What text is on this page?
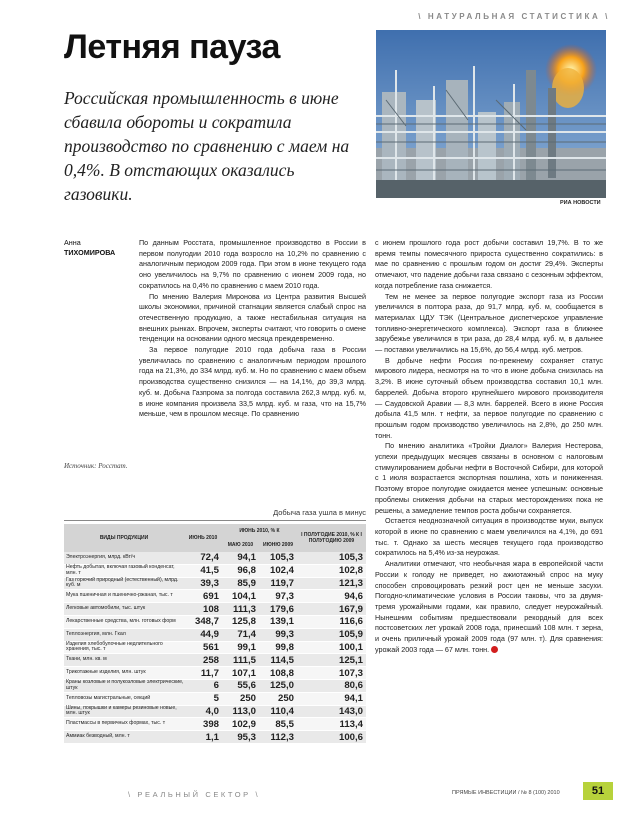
\ НАТУРАЛЬНАЯ СТАТИСТИКА \
Летняя пауза
Российская промышленность в июне сбавила обороты и сократила производство по сравнению с маем на 0,4%. В отстающих оказались газовики.	РИА НОВОСТИ
Анна
ТИХОМИРОВА
Источник: Росстат.

По данным Росстата, промышленное производство в России в первом полугодии 2010 года возросло на 10,2% по сравнению с аналогичным периодом 2009 года. При этом в июне текущего года оно увеличилось на 9,7% по сравнению с июнем 2009 года, но сократилось на 0,4% по сравнению с маем 2010 года.

По мнению Валерия Миронова из Центра развития Высшей школы экономики, причиной стагнации является слабый спрос на отечественную продукцию, а также нестабильная ситуация на внешних рынках. Впрочем, эксперты считают, что говорить о смене тенденции на основании одного месяца преждевременно.

За первое полугодие 2010 года добыча газа в России увеличилась по сравнению с аналогичным периодом прошлого года на 21,3%, до 334 млрд. куб. м. Но по сравнению с маем объем производства существенно снизился — на 14,1%, до 39,3 млрд. куб. м. Добыча Газпрома за полгода составила 262,3 млрд. куб. м, в июне компания произвела 33,5 млрд. куб. м газа, что на 15,7% меньше, чем в прошлом месяце. По сравнению

с июнем прошлого года рост добычи составил 19,7%. В то же время темпы помесячного прироста существенно сократились: в мае по сравнению с прошлым годом он достиг 29,4%. Эксперты отмечают, что падение добычи газа связано с сезонным эффектом, когда потребление газа снижается.

Тем не менее за первое полугодие экспорт газа из России увеличился в полтора раза, до 91,7 млрд. куб. м, сообщается в материалах ЦДУ ТЭК (Центральное диспетчерское управление топливно-энергетического комплекса). Экспорт газа в ближнее зарубежье увеличился в три раза, до 28,4 млрд. куб. м, в дальнее — поставки увеличились на 15,6%, до 56,4 млрд. куб. метров.

В добыче нефти Россия по-прежнему сохраняет статус мирового лидера, несмотря на то что в июне добыча снизилась на 3,2%. В июне суточный объем производства составил 10,1 млн. баррелей. Добыча второго крупнейшего мирового производителя — Саудовской Аравии — 8,3 млн. баррелей. Всего в июне Россия добыла 41,5 млн. т нефти, за первое полугодие по сравнению с прошлым годом производство увеличилось на 2,8%, до 250 млн. тонн.

По мнению аналитика «Тройки Диалог» Валерия Нестерова, успехи предыдущих месяцев связаны в основном с налоговым стимулированием добычи нефти в Восточной Сибири, для которой с 1 июля возрастается экспортная пошлина, хоть и пониженная. Поэтому второе полугодие ожидается менее успешным: основные проблемы снижения добычи на старых месторождениях пока не решены, а замедление темпов роста добычи сохраняется.

Остается неоднозначной ситуация в производстве муки, выпуск которой в июне по сравнению с маем увеличился на 4,1%, до 691 тыс. т. Однако за шесть месяцев текущего года производство сократилось на 5,4% из-за неурожая.

Аналитики отмечают, что необычная жара в европейской части России к голоду не приведет, но ажиотажный спрос на муку способен спровоцировать резкий рост цен не меньше засухи. Погодно-климатические условия в России таковы, что за двумя-тремя урожайными годами, как правило, следует неурожайный. Нынешним событиям предшествовали рекордный для всех постсоветских лет урожай 2008 года, принесший 108 млн. т зерна, и очень приличный урожай 2009 года (97 млн. т). Для сравнения: урожай 2003 года — 67 млн. тонн.

Добыча газа ушла в минус
ВИДЫ ПРОДУКЦИИ	ИЮНЬ 2010	ИЮНЬ 2010, % К		I ПОЛУГОДИЕ 2010, % К I ПОЛУГОДИЮ 2009
		МАЮ 2010	ИЮНЮ 2009	
Электроэнергия, млрд. кВт/ч	72,4	94,1	105,3	105,3
Нефть добытая, включая газовый конденсат, млн. т	41,5	96,8	102,4	102,8
Газ горючий природный (естественный), млрд. куб. м	39,3	85,9	119,7	121,3
Мука пшеничная и пшенично-ржаная, тыс. т	691	104,1	97,3	94,6
Легковые автомобили, тыс. штук	108	111,3	179,6	167,9
Лекарственные средства, млн. готовых форм	348,7	125,8	139,1	116,6
Теплоэнергия, млн. Гкал	44,9	71,4	99,3	105,9
Изделия хлебобулочные недлительного хранения, тыс. т	561	99,1	99,8	100,1
Ткани, млн. кв. м	258	111,5	114,5	125,1
Трикотажные изделия, млн. штук	11,7	107,1	108,8	107,3
Краны козловые и полукозловые электрические, штук	6	55,6	125,0	80,6
Тепловозы магистральные, секций	5	250	250	94,1
Шины, покрышки и камеры резиновые новые, млн. штук	4,0	113,0	110,4	143,0
Пластмассы в первичных формах, тыс. т	398	102,9	85,5	113,4
Аммиак безводный, млн. т	1,1	95,3	112,3	100,6
\ РЕАЛЬНЫЙ СЕКТОР \	ПРЯМЫЕ ИНВЕСТИЦИИ / № 8 (100) 2010	51
